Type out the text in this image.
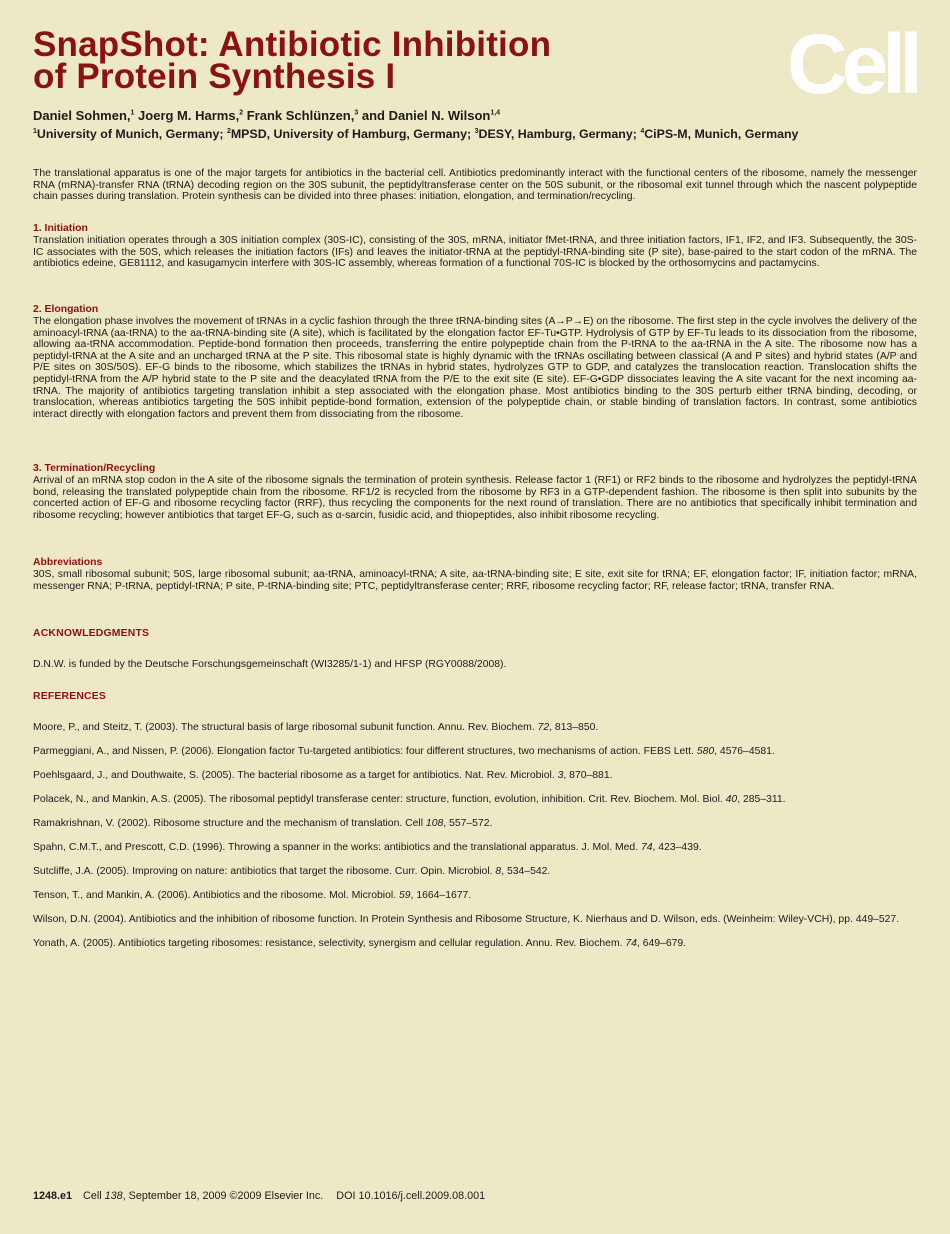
SnapShot: Antibiotic Inhibition
of Protein Synthesis I	Cell
Daniel Sohmen,$^1$ Joerg M. Harms,$^2$ Frank Schlünzen,$^3$ and Daniel N. Wilson$^{1,4}$
$^1$University of Munich, Germany; $^2$MPSD, University of Hamburg, Germany; $^3$DESY, Hamburg, Germany; $^4$CiPS-M, Munich, Germany

The translational apparatus is one of the major targets for antibiotics in the bacterial cell. Antibiotics predominantly interact with the functional centers of the ribosome, namely the messenger RNA (mRNA)-transfer RNA (tRNA) decoding region on the 30S subunit, the peptidyltransferase center on the 50S subunit, or the ribosomal exit tunnel through which the nascent polypeptide chain passes during translation. Protein synthesis can be divided into three phases: initiation, elongation, and termination/recycling.

1. Initiation

Translation initiation operates through a 30S initiation complex (30S-IC), consisting of the 30S, mRNA, initiator fMet-tRNA, and three initiation factors, IF1, IF2, and IF3. Subsequently, the 30S-IC associates with the 50S, which releases the initiation factors (IFs) and leaves the initiator-tRNA at the peptidyl-tRNA-binding site (P site), base-paired to the start codon of the mRNA. The antibiotics edeine, GE81112, and kasugamycin interfere with 30S-IC assembly, whereas formation of a functional 70S-IC is blocked by the orthosomycins and pactamycins.

2. Elongation

The elongation phase involves the movement of tRNAs in a cyclic fashion through the three tRNA-binding sites (A→P→E) on the ribosome. The first step in the cycle involves the delivery of the aminoacyl-tRNA (aa-tRNA) to the aa-tRNA-binding site (A site), which is facilitated by the elongation factor EF-Tu•GTP. Hydrolysis of GTP by EF-Tu leads to its dissociation from the ribosome, allowing aa-tRNA accommodation. Peptide-bond formation then proceeds, transferring the entire polypeptide chain from the P-tRNA to the aa-tRNA in the A site. The ribosome now has a peptidyl-tRNA at the A site and an uncharged tRNA at the P site. This ribosomal state is highly dynamic with the tRNAs oscillating between classical (A and P sites) and hybrid states (A/P and P/E sites on 30S/50S). EF-G binds to the ribosome, which stabilizes the tRNAs in hybrid states, hydrolyzes GTP to GDP, and catalyzes the translocation reaction. Translocation shifts the peptidyl-tRNA from the A/P hybrid state to the P site and the deacylated tRNA from the P/E to the exit site (E site). EF-G•GDP dissociates leaving the A site vacant for the next incoming aa-tRNA. The majority of antibiotics targeting translation inhibit a step associated with the elongation phase. Most antibiotics binding to the 30S perturb either tRNA binding, decoding, or translocation, whereas antibiotics targeting the 50S inhibit peptide-bond formation, extension of the polypeptide chain, or stable binding of translation factors. In contrast, some antibiotics interact directly with elongation factors and prevent them from dissociating from the ribosome.

3. Termination/Recycling

Arrival of an mRNA stop codon in the A site of the ribosome signals the termination of protein synthesis. Release factor 1 (RF1) or RF2 binds to the ribosome and hydrolyzes the peptidyl-tRNA bond, releasing the translated polypeptide chain from the ribosome. RF1/2 is recycled from the ribosome by RF3 in a GTP-dependent fashion. The ribosome is then split into subunits by the concerted action of EF-G and ribosome recycling factor (RRF), thus recycling the components for the next round of translation. There are no antibiotics that specifically inhibit termination and ribosome recycling; however antibiotics that target EF-G, such as α-sarcin, fusidic acid, and thiopeptides, also inhibit ribosome recycling.

Abbreviations

30S, small ribosomal subunit; 50S, large ribosomal subunit; aa-tRNA, aminoacyl-tRNA; A site, aa-tRNA-binding site; E site, exit site for tRNA; EF, elongation factor; IF, initiation factor; mRNA, messenger RNA; P-tRNA, peptidyl-tRNA; P site, P-tRNA-binding site; PTC, peptidyltransferase center; RRF, ribosome recycling factor; RF, release factor; tRNA, transfer RNA.

ACKNOWLEDGMENTS

D.N.W. is funded by the Deutsche Forschungsgemeinschaft (WI3285/1-1) and HFSP (RGY0088/2008).

REFERENCES
Moore, P., and Steitz, T. (2003). The structural basis of large ribosomal subunit function. Annu. Rev. Biochem. 72, 813–850.
Parmeggiani, A., and Nissen, P. (2006). Elongation factor Tu-targeted antibiotics: four different structures, two mechanisms of action. FEBS Lett. 580, 4576–4581.
Poehlsgaard, J., and Douthwaite, S. (2005). The bacterial ribosome as a target for antibiotics. Nat. Rev. Microbiol. 3, 870–881.
Polacek, N., and Mankin, A.S. (2005). The ribosomal peptidyl transferase center: structure, function, evolution, inhibition. Crit. Rev. Biochem. Mol. Biol. 40, 285–311.
Ramakrishnan, V. (2002). Ribosome structure and the mechanism of translation. Cell 108, 557–572.
Spahn, C.M.T., and Prescott, C.D. (1996). Throwing a spanner in the works: antibiotics and the translational apparatus. J. Mol. Med. 74, 423–439.
Sutcliffe, J.A. (2005). Improving on nature: antibiotics that target the ribosome. Curr. Opin. Microbiol. 8, 534–542.
Tenson, T., and Mankin, A. (2006). Antibiotics and the ribosome. Mol. Microbiol. 59, 1664–1677.
Wilson, D.N. (2004). Antibiotics and the inhibition of ribosome function. In Protein Synthesis and Ribosome Structure, K. Nierhaus and D. Wilson, eds. (Weinheim: Wiley-VCH), pp. 449–527.
Yonath, A. (2005). Antibiotics targeting ribosomes: resistance, selectivity, synergism and cellular regulation. Annu. Rev. Biochem. 74, 649–679.
1248.e1 Cell 138, September 18, 2009 ©2009 Elsevier Inc. DOI 10.1016/j.cell.2009.08.001
